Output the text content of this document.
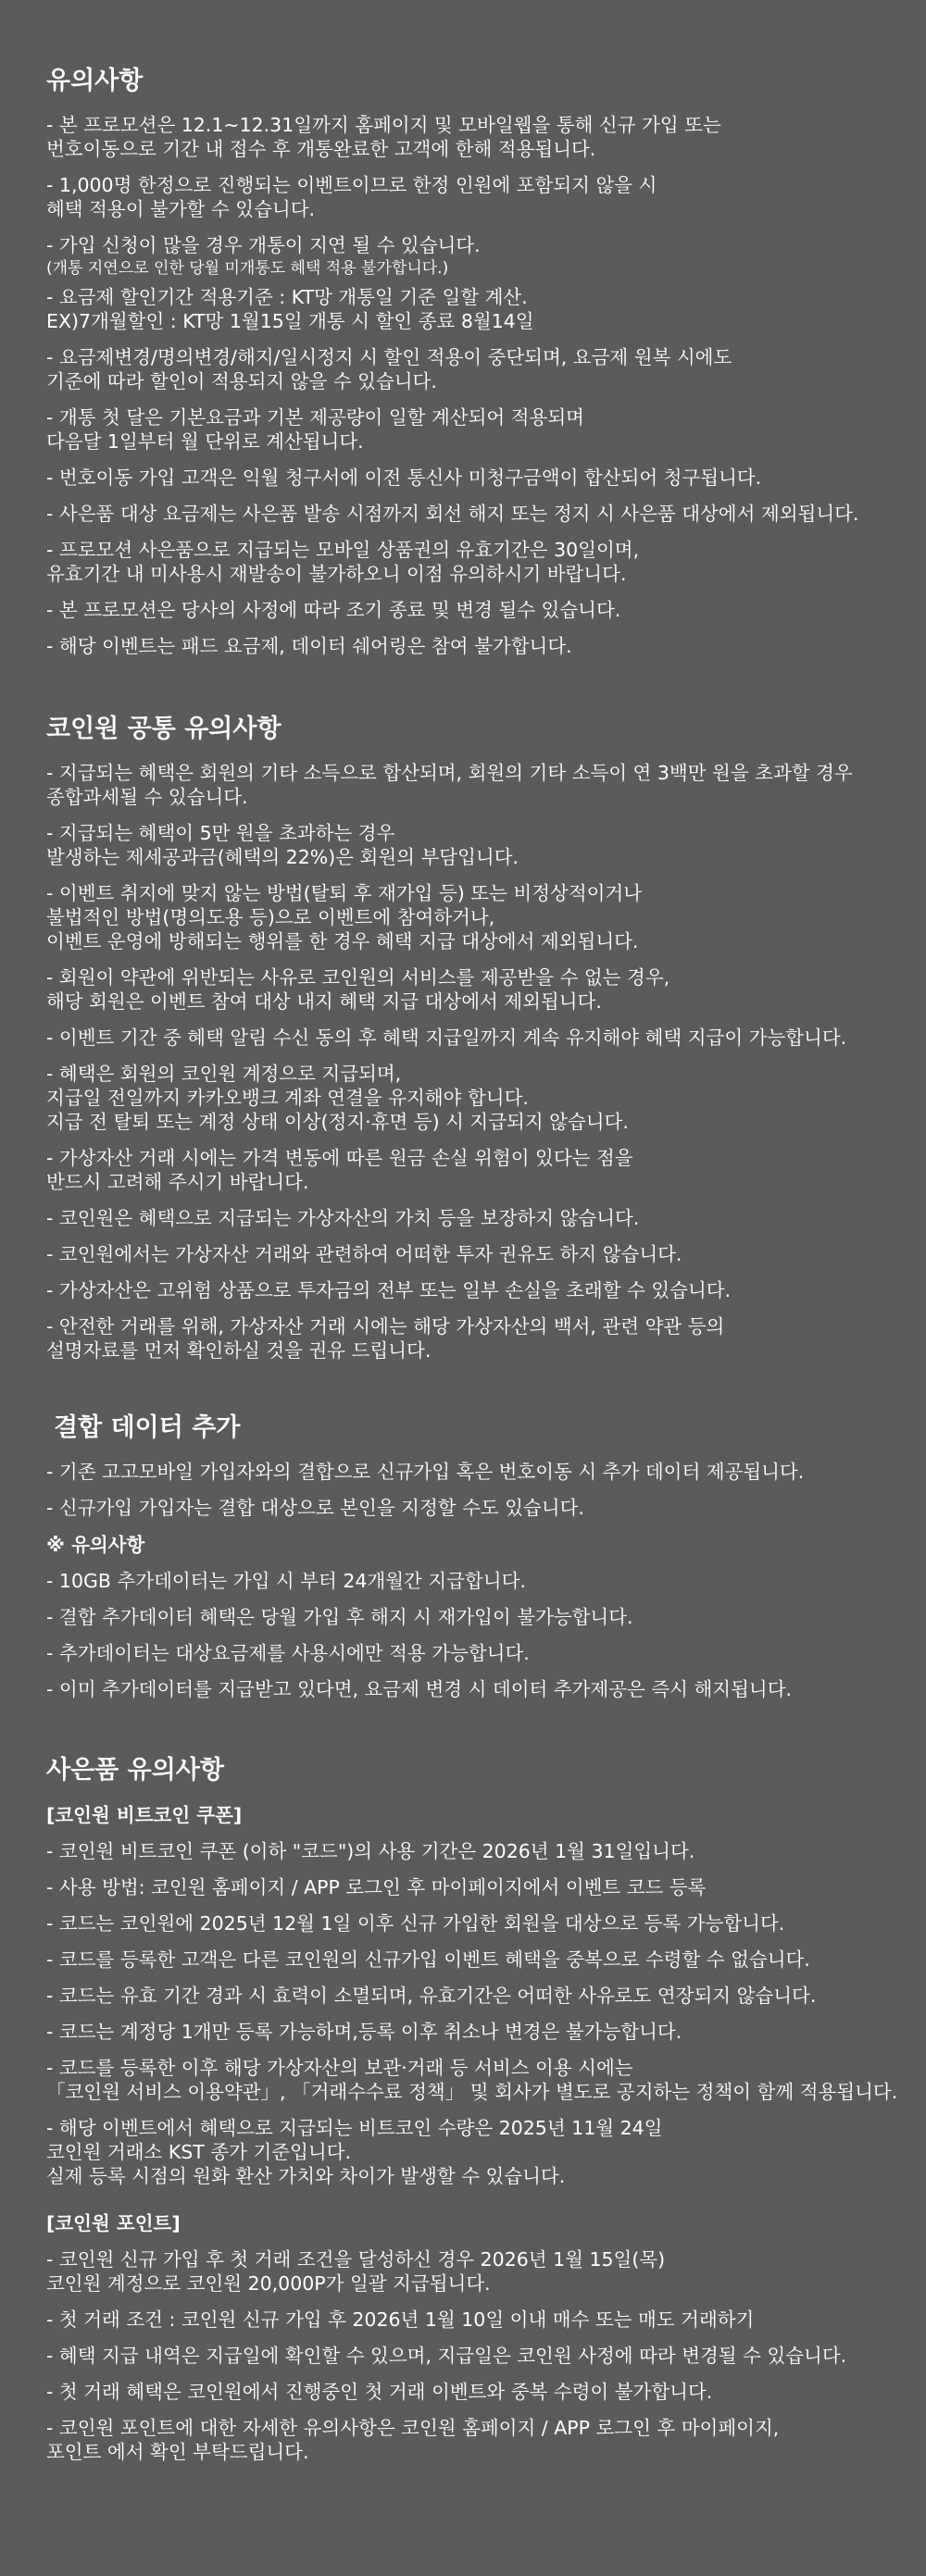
유의사항
- 본 프로모션은 12.1~12.31일까지 홈페이지 및 모바일웹을 통해 신규 가입 또는
번호이동으로 기간 내 접수 후 개통완료한 고객에 한해 적용됩니다.
- 1,000명 한정으로 진행되는 이벤트이므로 한정 인원에 포함되지 않을 시
혜택 적용이 불가할 수 있습니다.
- 가입 신청이 많을 경우 개통이 지연 될 수 있습니다.
(개통 지연으로 인한 당월 미개통도 혜택 적용 불가합니다.)
- 요금제 할인기간 적용기준 : KT망 개통일 기준 일할 계산.
EX)7개월할인 : KT망 1월15일 개통 시 할인 종료 8월14일
- 요금제변경/명의변경/해지/일시정지 시 할인 적용이 중단되며, 요금제 원복 시에도
기준에 따라 할인이 적용되지 않을 수 있습니다.
- 개통 첫 달은 기본요금과 기본 제공량이 일할 계산되어 적용되며
다음달 1일부터 월 단위로 계산됩니다.
- 번호이동 가입 고객은 익월 청구서에 이전 통신사 미청구금액이 합산되어 청구됩니다.
- 사은품 대상 요금제는 사은품 발송 시점까지 회선 해지 또는 정지 시 사은품 대상에서 제외됩니다.
- 프로모션 사은품으로 지급되는 모바일 상품권의 유효기간은 30일이며,
유효기간 내 미사용시 재발송이 불가하오니 이점 유의하시기 바랍니다.
- 본 프로모션은 당사의 사정에 따라 조기 종료 및 변경 될수 있습니다.
- 해당 이벤트는 패드 요금제, 데이터 쉐어링은 참여 불가합니다.
코인원 공통 유의사항
- 지급되는 혜택은 회원의 기타 소득으로 합산되며, 회원의 기타 소득이 연 3백만 원을 초과할 경우
종합과세될 수 있습니다.
- 지급되는 혜택이 5만 원을 초과하는 경우
발생하는 제세공과금(혜택의 22%)은 회원의 부담입니다.
- 이벤트 취지에 맞지 않는 방법(탈퇴 후 재가입 등) 또는 비정상적이거나
불법적인 방법(명의도용 등)으로 이벤트에 참여하거나,
이벤트 운영에 방해되는 행위를 한 경우 혜택 지급 대상에서 제외됩니다.
- 회원이 약관에 위반되는 사유로 코인원의 서비스를 제공받을 수 없는 경우,
해당 회원은 이벤트 참여 대상 내지 혜택 지급 대상에서 제외됩니다.
- 이벤트 기간 중 혜택 알림 수신 동의 후 혜택 지급일까지 계속 유지해야 혜택 지급이 가능합니다.
- 혜택은 회원의 코인원 계정으로 지급되며,
지급일 전일까지 카카오뱅크 계좌 연결을 유지해야 합니다.
지급 전 탈퇴 또는 계정 상태 이상(정지·휴면 등) 시 지급되지 않습니다.
- 가상자산 거래 시에는 가격 변동에 따른 원금 손실 위험이 있다는 점을
반드시 고려해 주시기 바랍니다.
- 코인원은 혜택으로 지급되는 가상자산의 가치 등을 보장하지 않습니다.
- 코인원에서는 가상자산 거래와 관련하여 어떠한 투자 권유도 하지 않습니다.
- 가상자산은 고위험 상품으로 투자금의 전부 또는 일부 손실을 초래할 수 있습니다.
- 안전한 거래를 위해, 가상자산 거래 시에는 해당 가상자산의 백서, 관련 약관 등의
설명자료를 먼저 확인하실 것을 권유 드립니다.
결합 데이터 추가
- 기존 고고모바일 가입자와의 결합으로 신규가입 혹은 번호이동 시 추가 데이터 제공됩니다.
- 신규가입 가입자는 결합 대상으로 본인을 지정할 수도 있습니다.
※ 유의사항
- 10GB 추가데이터는 가입 시 부터 24개월간 지급합니다.
- 결합 추가데이터 혜택은 당월 가입 후 해지 시 재가입이 불가능합니다.
- 추가데이터는 대상요금제를 사용시에만 적용 가능합니다.
- 이미 추가데이터를 지급받고 있다면, 요금제 변경 시 데이터 추가제공은 즉시 해지됩니다.
사은품 유의사항
[코인원 비트코인 쿠폰]
- 코인원 비트코인 쿠폰 (이하 "코드")의 사용 기간은 2026년 1월 31일입니다.
- 사용 방법: 코인원 홈페이지 / APP 로그인 후 마이페이지에서 이벤트 코드 등록
- 코드는 코인원에 2025년 12월 1일 이후 신규 가입한 회원을 대상으로 등록 가능합니다.
- 코드를 등록한 고객은 다른 코인원의 신규가입 이벤트 혜택을 중복으로 수령할 수 없습니다.
- 코드는 유효 기간 경과 시 효력이 소멸되며, 유효기간은 어떠한 사유로도 연장되지 않습니다.
- 코드는 계정당 1개만 등록 가능하며,등록 이후 취소나 변경은 불가능합니다.
- 코드를 등록한 이후 해당 가상자산의 보관·거래 등 서비스 이용 시에는
「코인원 서비스 이용약관」, 「거래수수료 정책」 및 회사가 별도로 공지하는 정책이 함께 적용됩니다.
- 해당 이벤트에서 혜택으로 지급되는 비트코인 수량은 2025년 11월 24일
코인원 거래소 KST 종가 기준입니다.
실제 등록 시점의 원화 환산 가치와 차이가 발생할 수 있습니다.
[코인원 포인트]
- 코인원 신규 가입 후 첫 거래 조건을 달성하신 경우 2026년 1월 15일(목)
코인원 계정으로 코인원 20,000P가 일괄 지급됩니다.
- 첫 거래 조건 : 코인원 신규 가입 후 2026년 1월 10일 이내 매수 또는 매도 거래하기
- 혜택 지급 내역은 지급일에 확인할 수 있으며, 지급일은 코인원 사정에 따라 변경될 수 있습니다.
- 첫 거래 혜택은 코인원에서 진행중인 첫 거래 이벤트와 중복 수령이 불가합니다.
- 코인원 포인트에 대한 자세한 유의사항은 코인원 홈페이지 / APP 로그인 후 마이페이지,
포인트 에서 확인 부탁드립니다.
